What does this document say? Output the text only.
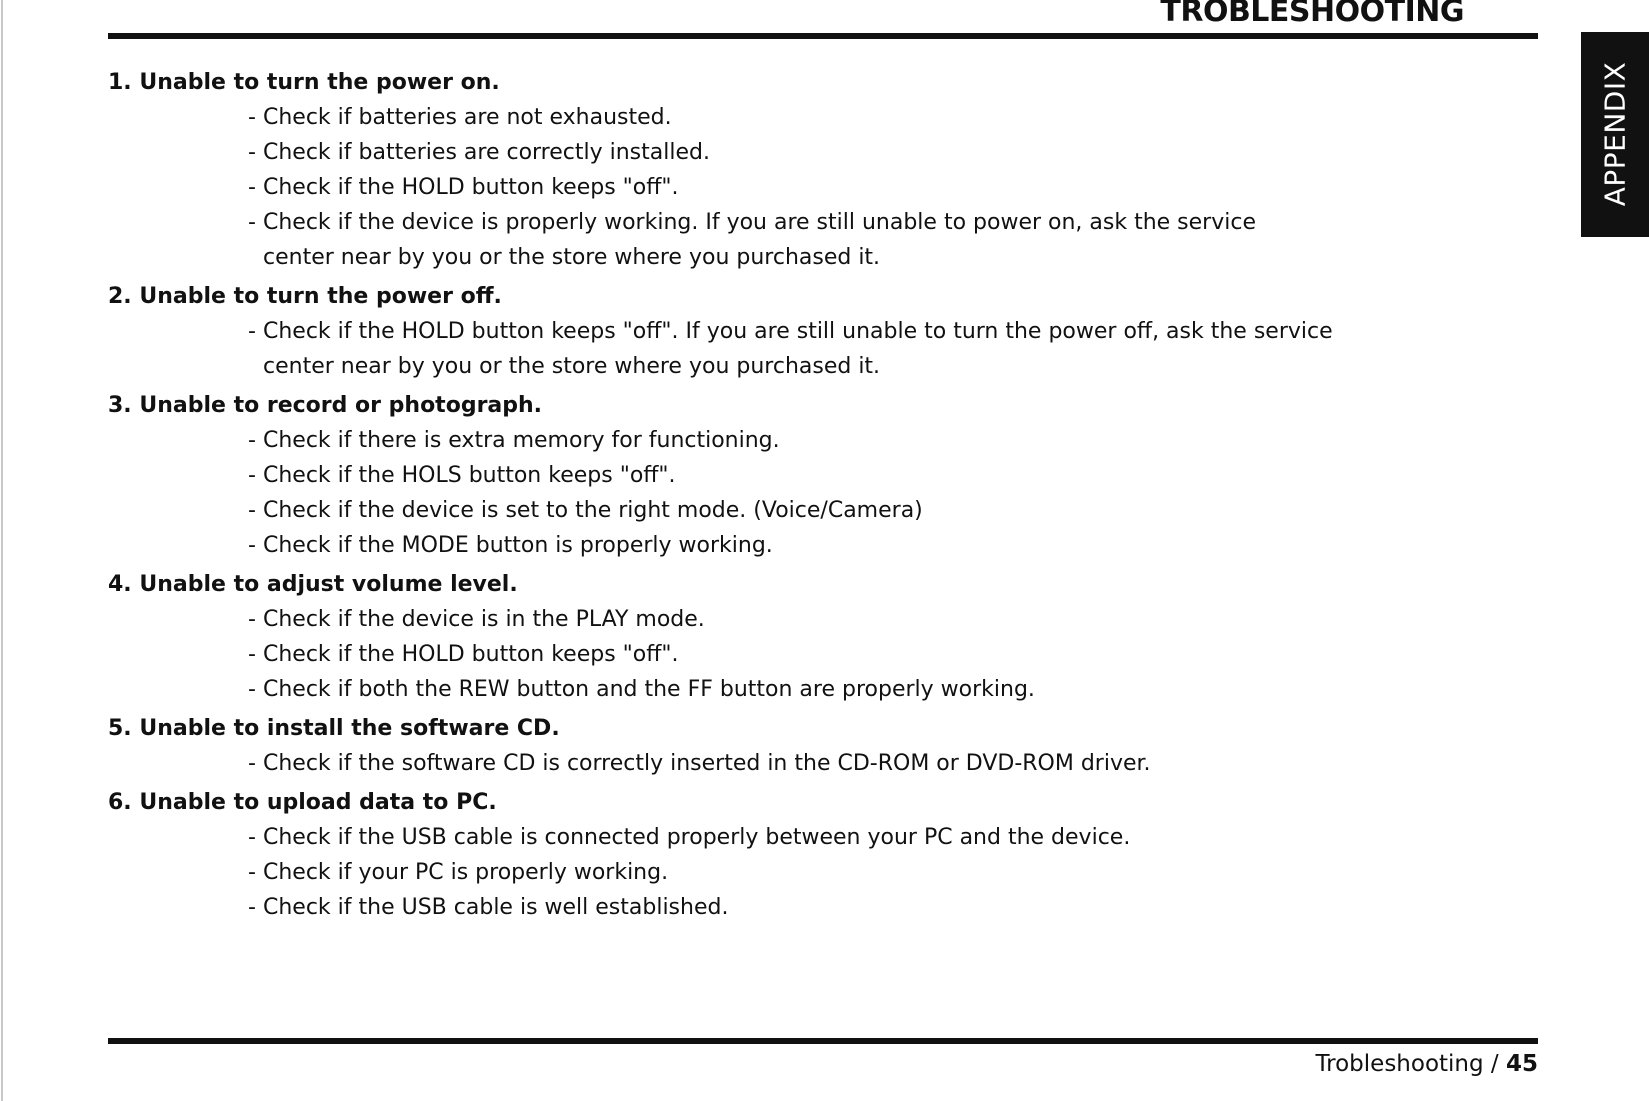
TROBLESHOOTING
APPENDIX
1. Unable to turn the power on.
- Check if batteries are not exhausted.
- Check if batteries are correctly installed.
- Check if the HOLD button keeps "off".
- Check if the device is properly working. If you are still unable to power on, ask the service center near by you or the store where you purchased it.
2. Unable to turn the power off.
- Check if the HOLD button keeps "off". If you are still unable to turn the power off, ask the service center near by you or the store where you purchased it.
3. Unable to record or photograph.
- Check if there is extra memory for functioning.
- Check if the HOLS button keeps "off".
- Check if the device is set to the right mode. (Voice/Camera)
- Check if the MODE button is properly working.
4. Unable to adjust volume level.
- Check if the device is in the PLAY mode.
- Check if the HOLD button keeps "off".
- Check if both the REW button and the FF button are properly working.
5. Unable to install the software CD.
- Check if the software CD is correctly inserted in the CD-ROM or DVD-ROM driver.
6. Unable to upload data to PC.
- Check if the USB cable is connected properly between your PC and the device.
- Check if your PC is properly working.
- Check if the USB cable is well established.
Trobleshooting / 45
